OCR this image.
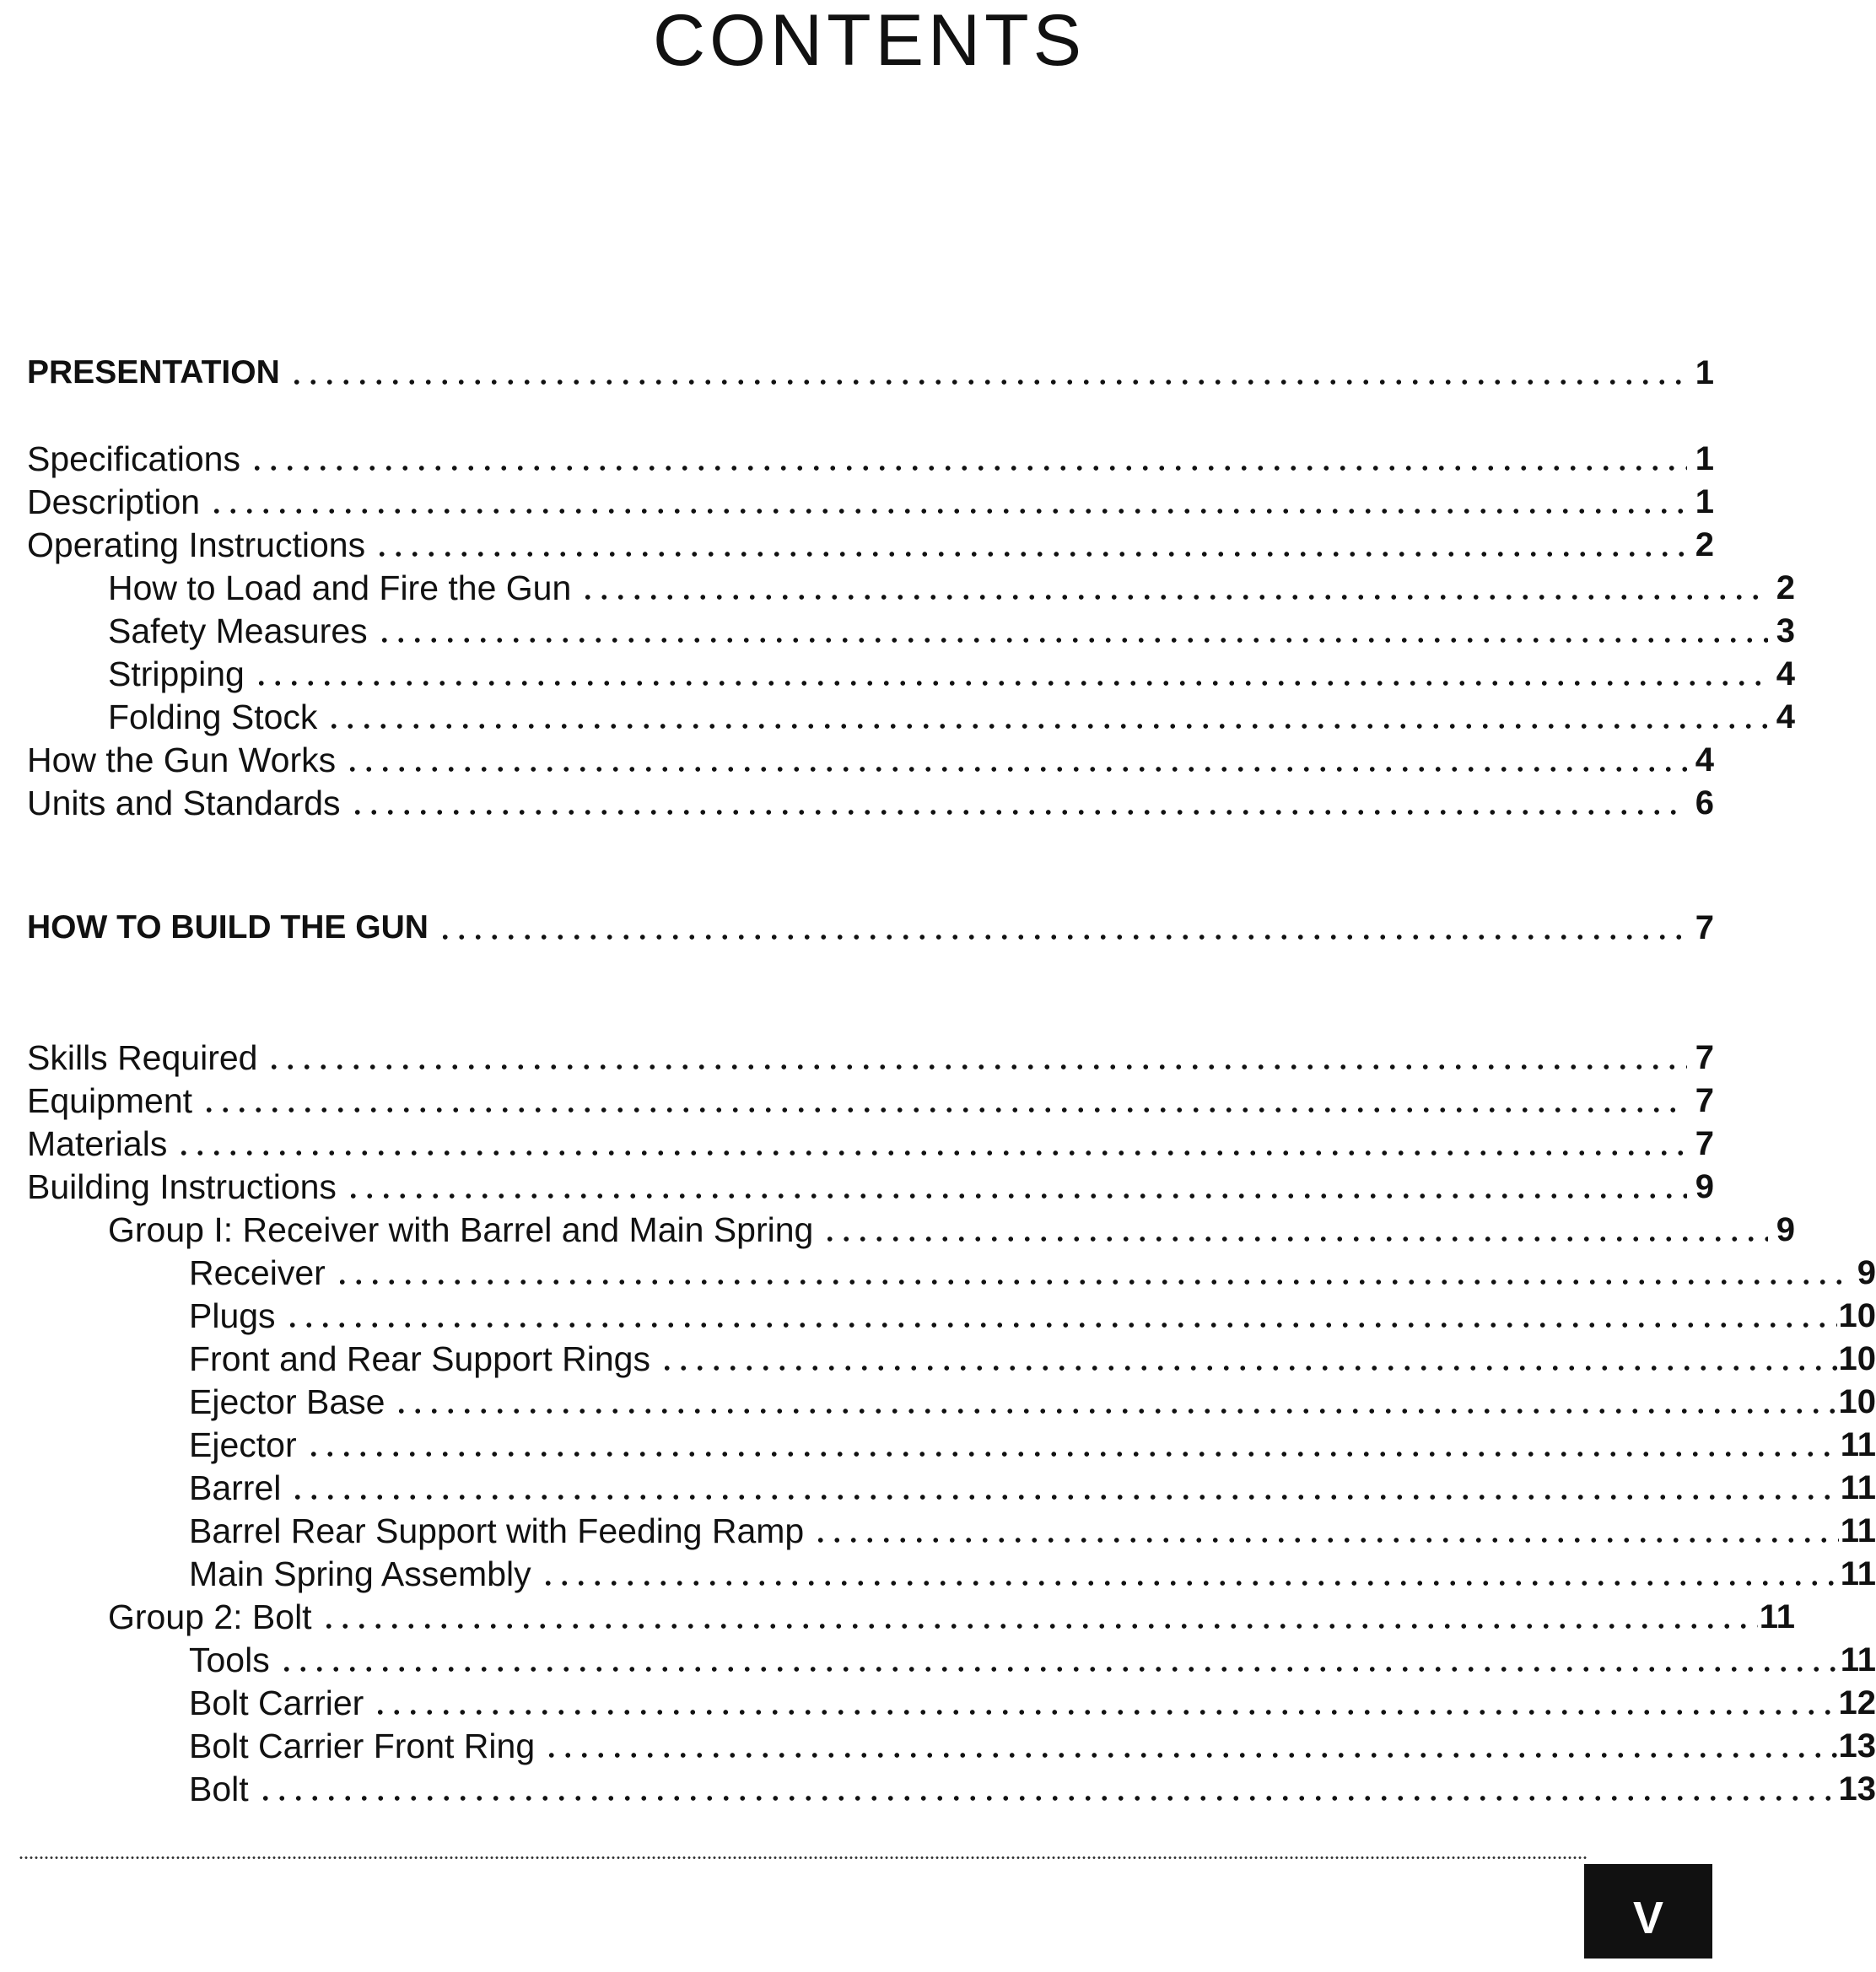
CONTENTS
PRESENTATION	1
Specifications	1
Description	1
Operating Instructions	2
How to Load and Fire the Gun	2
Safety Measures	3
Stripping	4
Folding Stock	4
How the Gun Works	4
Units and Standards	6
HOW TO BUILD THE GUN	7
Skills Required	7
Equipment	7
Materials	7
Building Instructions	9
Group I: Receiver with Barrel and Main Spring	9
Receiver	9
Plugs	10
Front and Rear Support Rings	10
Ejector Base	10
Ejector	11
Barrel	11
Barrel Rear Support with Feeding Ramp	11
Main Spring Assembly	11
Group 2: Bolt	11
Tools	11
Bolt Carrier	12
Bolt Carrier Front Ring	13
Bolt	13
V
